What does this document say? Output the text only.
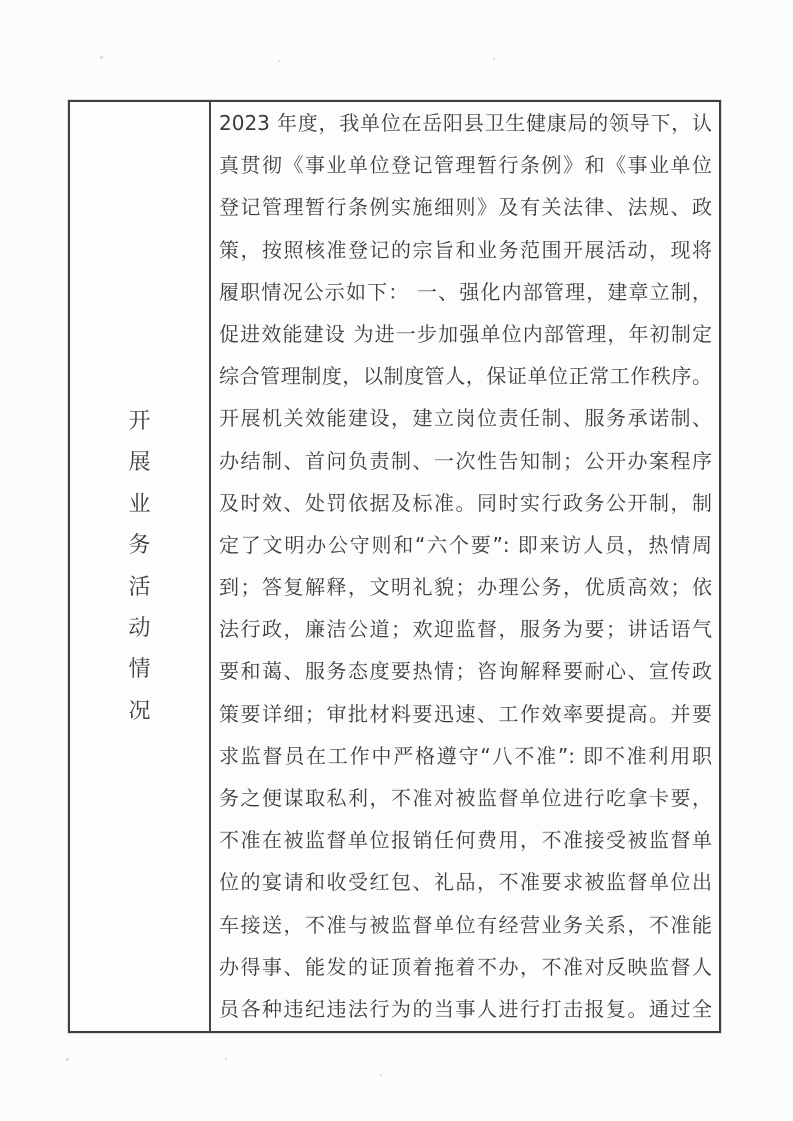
开
展
业
务
活
动
情
况
2023 年度，我单位在岳阳县卫生健康局的领导下，认
真贯彻《事业单位登记管理暂行条例》和《事业单位
登记管理暂行条例实施细则》及有关法律、法规、政
策，按照核准登记的宗旨和业务范围开展活动，现将
履职情况公示如下： 一、强化内部管理，建章立制，
促进效能建设 为进一步加强单位内部管理，年初制定
综合管理制度，以制度管人，保证单位正常工作秩序。
开展机关效能建设，建立岗位责任制、服务承诺制、
办结制、首问负责制、一次性告知制；公开办案程序
及时效、处罚依据及标准。同时实行政务公开制，制
定了文明办公守则和“六个要”: 即来访人员，热情周
到；答复解释，文明礼貌；办理公务，优质高效；依
法行政，廉洁公道；欢迎监督，服务为要；讲话语气
要和蔼、服务态度要热情；咨询解释要耐心、宣传政
策要详细；审批材料要迅速、工作效率要提高。并要
求监督员在工作中严格遵守“八不准”: 即不准利用职
务之便谋取私利，不准对被监督单位进行吃拿卡要，
不准在被监督单位报销任何费用，不准接受被监督单
位的宴请和收受红包、礼品，不准要求被监督单位出
车接送，不准与被监督单位有经营业务关系，不准能
办得事、能发的证顶着拖着不办，不准对反映监督人
员各种违纪违法行为的当事人进行打击报复。通过全
